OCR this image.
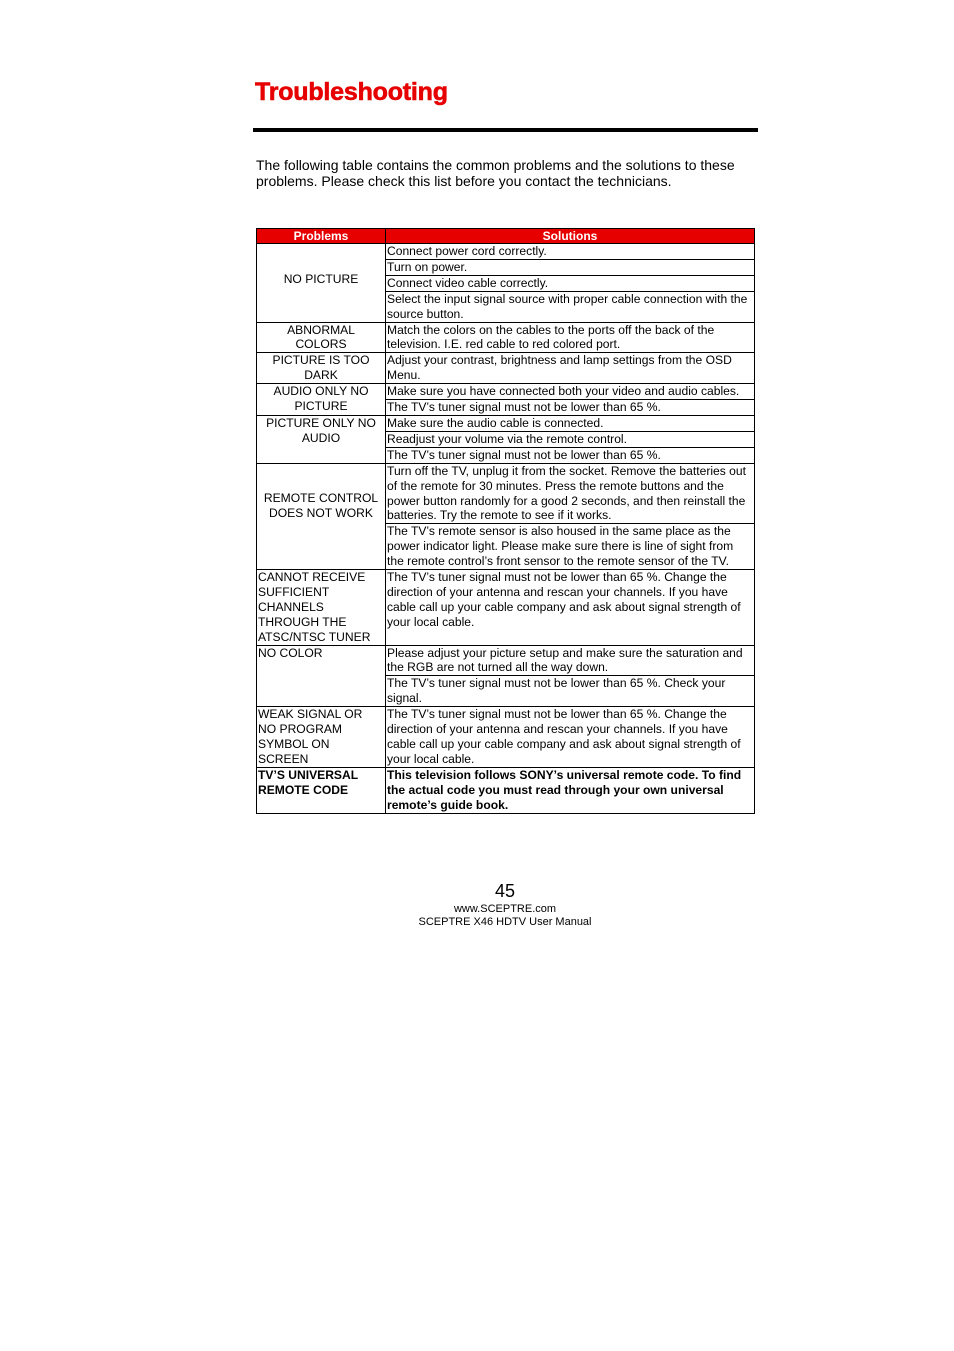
Troubleshooting

The following table contains the common problems and the solutions to these problems. Please check this list before you contact the technicians.

Problems	Solutions
NO PICTURE	Connect power cord correctly.
	Turn on power.
	Connect video cable correctly.
	Select the input signal source with proper cable connection with the source button.
ABNORMAL COLORS	Match the colors on the cables to the ports off the back of the television. I.E. red cable to red colored port.
PICTURE IS TOO DARK	Adjust your contrast, brightness and lamp settings from the OSD Menu.
AUDIO ONLY NO PICTURE	Make sure you have connected both your video and audio cables.
	The TV’s tuner signal must not be lower than 65 %.
PICTURE ONLY NO AUDIO	Make sure the audio cable is connected.
	Readjust your volume via the remote control.
	The TV’s tuner signal must not be lower than 65 %.
REMOTE CONTROL DOES NOT WORK	Turn off the TV, unplug it from the socket. Remove the batteries out of the remote for 30 minutes. Press the remote buttons and the power button randomly for a good 2 seconds, and then reinstall the batteries. Try the remote to see if it works.
	The TV’s remote sensor is also housed in the same place as the power indicator light. Please make sure there is line of sight from the remote control’s front sensor to the remote sensor of the TV.
CANNOT RECEIVE SUFFICIENT CHANNELS THROUGH THE ATSC/NTSC TUNER	The TV’s tuner signal must not be lower than 65 %. Change the direction of your antenna and rescan your channels. If you have cable call up your cable company and ask about signal strength of your local cable.
NO COLOR	Please adjust your picture setup and make sure the saturation and the RGB are not turned all the way down.
	The TV’s tuner signal must not be lower than 65 %. Check your signal.
WEAK SIGNAL OR NO PROGRAM SYMBOL ON SCREEN	The TV’s tuner signal must not be lower than 65 %. Change the direction of your antenna and rescan your channels. If you have cable call up your cable company and ask about signal strength of your local cable.
TV’S UNIVERSAL REMOTE CODE	This television follows SONY’s universal remote code. To find the actual code you must read through your own universal remote’s guide book.
45
www.SCEPTRE.com
SCEPTRE X46 HDTV User Manual
